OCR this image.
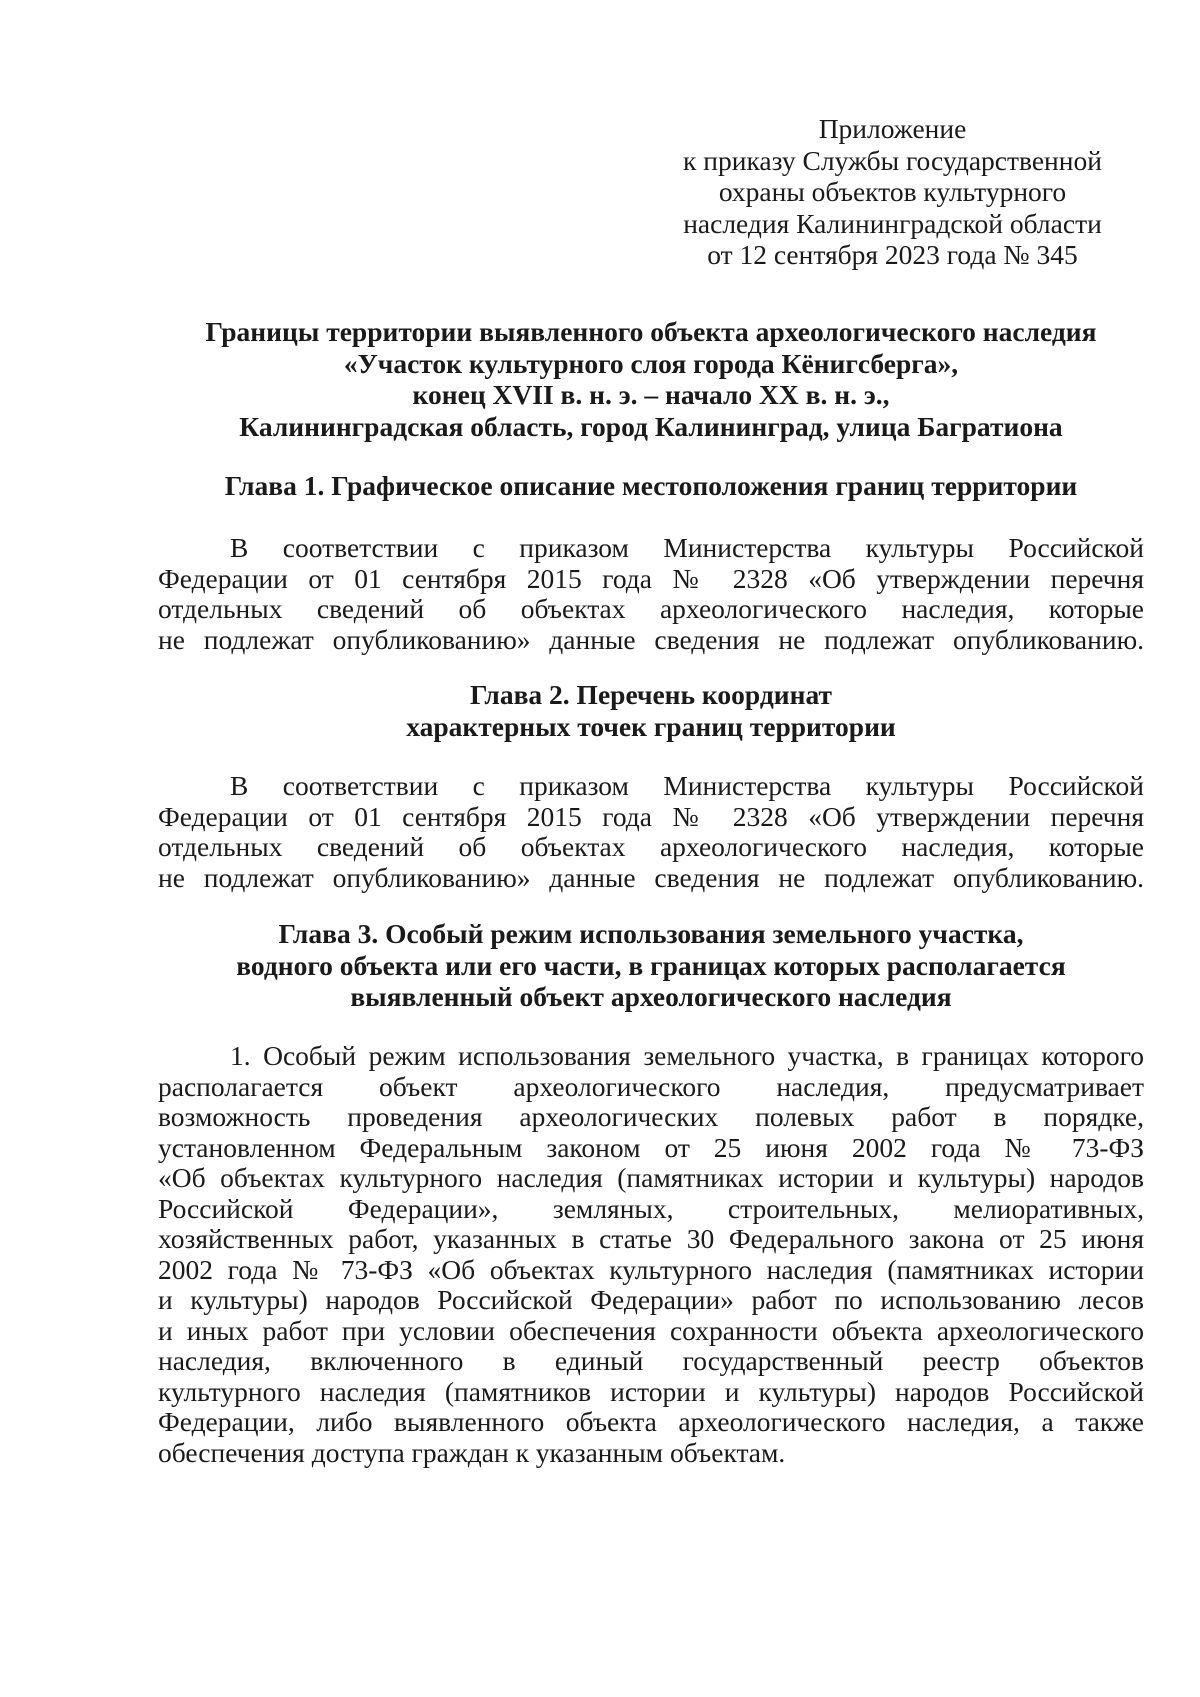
Приложение
к приказу Службы государственной
охраны объектов культурного
наследия Калининградской области
от 12 сентября 2023 года № 345
Границы территории выявленного объекта археологического наследия
«Участок культурного слоя города Кёнигсберга»,
конец XVII в. н. э. – начало XX в. н. э.,
Калининградская область, город Калининград, улица Багратиона
Глава 1. Графическое описание местоположения границ территории
В соответствии с приказом Министерства культуры Российской
Федерации от 01 сентября 2015 года № 2328 «Об утверждении перечня
отдельных сведений об объектах археологического наследия, которые
не подлежат опубликованию» данные сведения не подлежат опубликованию.
Глава 2. Перечень координат
характерных точек границ территории
В соответствии с приказом Министерства культуры Российской
Федерации от 01 сентября 2015 года № 2328 «Об утверждении перечня
отдельных сведений об объектах археологического наследия, которые
не подлежат опубликованию» данные сведения не подлежат опубликованию.
Глава 3. Особый режим использования земельного участка,
водного объекта или его части, в границах которых располагается
выявленный объект археологического наследия
1. Особый режим использования земельного участка, в границах которого
располагается объект археологического наследия, предусматривает
возможность проведения археологических полевых работ в порядке,
установленном Федеральным законом от 25 июня 2002 года № 73-ФЗ
«Об объектах культурного наследия (памятниках истории и культуры) народов
Российской Федерации», земляных, строительных, мелиоративных,
хозяйственных работ, указанных в статье 30 Федерального закона от 25 июня
2002 года № 73-ФЗ «Об объектах культурного наследия (памятниках истории
и культуры) народов Российской Федерации» работ по использованию лесов
и иных работ при условии обеспечения сохранности объекта археологического
наследия, включенного в единый государственный реестр объектов
культурного наследия (памятников истории и культуры) народов Российской
Федерации, либо выявленного объекта археологического наследия, а также
обеспечения доступа граждан к указанным объектам.
